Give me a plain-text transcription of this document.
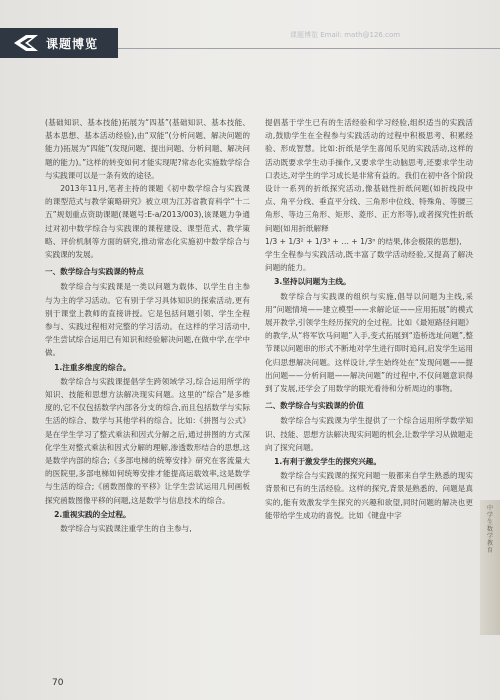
课题博览
课题博览 Email: math@126.com

(基础知识、基本技能)拓展为“四基”(基础知识、基本技能、基本思想、基本活动经验),由“双能”(分析问题、解决问题的能力)拓展为“四能”(发现问题、提出问题、分析问题、解决问题的能力)。”这样的转变如何才能实现呢?常态化实施数学综合与实践课可以是一条有效的途径。

2013年11月,笔者主持的课题《初中数学综合与实践课的课型范式与教学策略研究》被立项为江苏省教育科学“十二五”规划重点资助课题(课题号:E-a/2013/003),该课题力争通过对初中数学综合与实践课的课程建设、课型范式、教学策略、评价机制等方面的研究,推动常态化实施初中数学综合与实践课的发展。

一、数学综合与实践课的特点

数学综合与实践课是一类以问题为载体、以学生自主参与为主的学习活动。它有别于学习具体知识的探索活动,更有别于课堂上教师的直接讲授。它是包括问题引领、学生全程参与、实践过程相对完整的学习活动。在这样的学习活动中,学生尝试综合运用已有知识和经验解决问题,在做中学,在学中做。

1.注重多维度的综合。

数学综合与实践课提倡学生跨领域学习,综合运用所学的知识、技能和思想方法解决现实问题。这里的“综合”是多维度的,它不仅包括数学内部各分支的综合,而且包括数学与实际生活的综合、数学与其他学科的综合。比如:《拼图与公式》是在学生学习了整式乘法和因式分解之后,通过拼图的方式深化学生对整式乘法和因式分解的理解,渗透数形结合的思想,这是数学内部的综合;《多部电梯的统筹安排》研究在客流量大的医院里,多部电梯如何统筹安排才能提高运载效率,这是数学与生活的综合;《函数图像的平移》让学生尝试运用几何画板探究函数图像平移的问题,这是数学与信息技术的综合。

2.重视实践的全过程。

数学综合与实践课注重学生的自主参与,

提倡基于学生已有的生活经验和学习经验,组织适当的实践活动,鼓励学生在全程参与实践活动的过程中积极思考、积累经验、形成智慧。比如:折纸是学生喜闻乐见的实践活动,这样的活动既要求学生动手操作,又要求学生动脑思考,还要求学生动口表达,对学生的学习成长是非常有益的。我们在初中各个阶段设计一系列的折纸探究活动,像基础性折纸问题(如折线段中点、角平分线、垂直平分线、三角形中位线、特殊角、等腰三角形、等边三角形、矩形、菱形、正方形等),或者探究性折纸问题(如用折纸解释

1/3 + 1/3² + 1/3³ + … + 1/3ⁿ 的结果,体会极限的思想),

学生全程参与实践活动,既丰富了数学活动经验,又提高了解决问题的能力。

3.坚持以问题为主线。

数学综合与实践课的组织与实施,倡导以问题为主线,采用“问题情境——建立模型——求解论证——应用拓展”的模式展开教学,引领学生经历探究的全过程。比如《最短路径问题》的教学,从“将军饮马问题”入手,变式拓展到“造桥选址问题”,整节课以问题串的形式不断地对学生进行即时追问,启发学生运用化归思想解决问题。这样设计,学生始终处在“发现问题——提出问题——分析问题——解决问题”的过程中,不仅问题意识得到了发展,还学会了用数学的眼光看待和分析周边的事物。

二、数学综合与实践课的价值

数学综合与实践课为学生提供了一个综合运用所学数学知识、技能、思想方法解决现实问题的机会,让数学学习从做题走向了探究问题。

1.有利于激发学生的探究兴趣。

数学综合与实践课的探究问题一般都来自学生熟悉的现实背景和已有的生活经验。这样的探究,背景是熟悉的、问题是真实的,能有效激发学生探究的兴趣和欲望,同时问题的解决也更能带给学生成功的喜悦。比如《键盘中字

中学生数学教育
70
